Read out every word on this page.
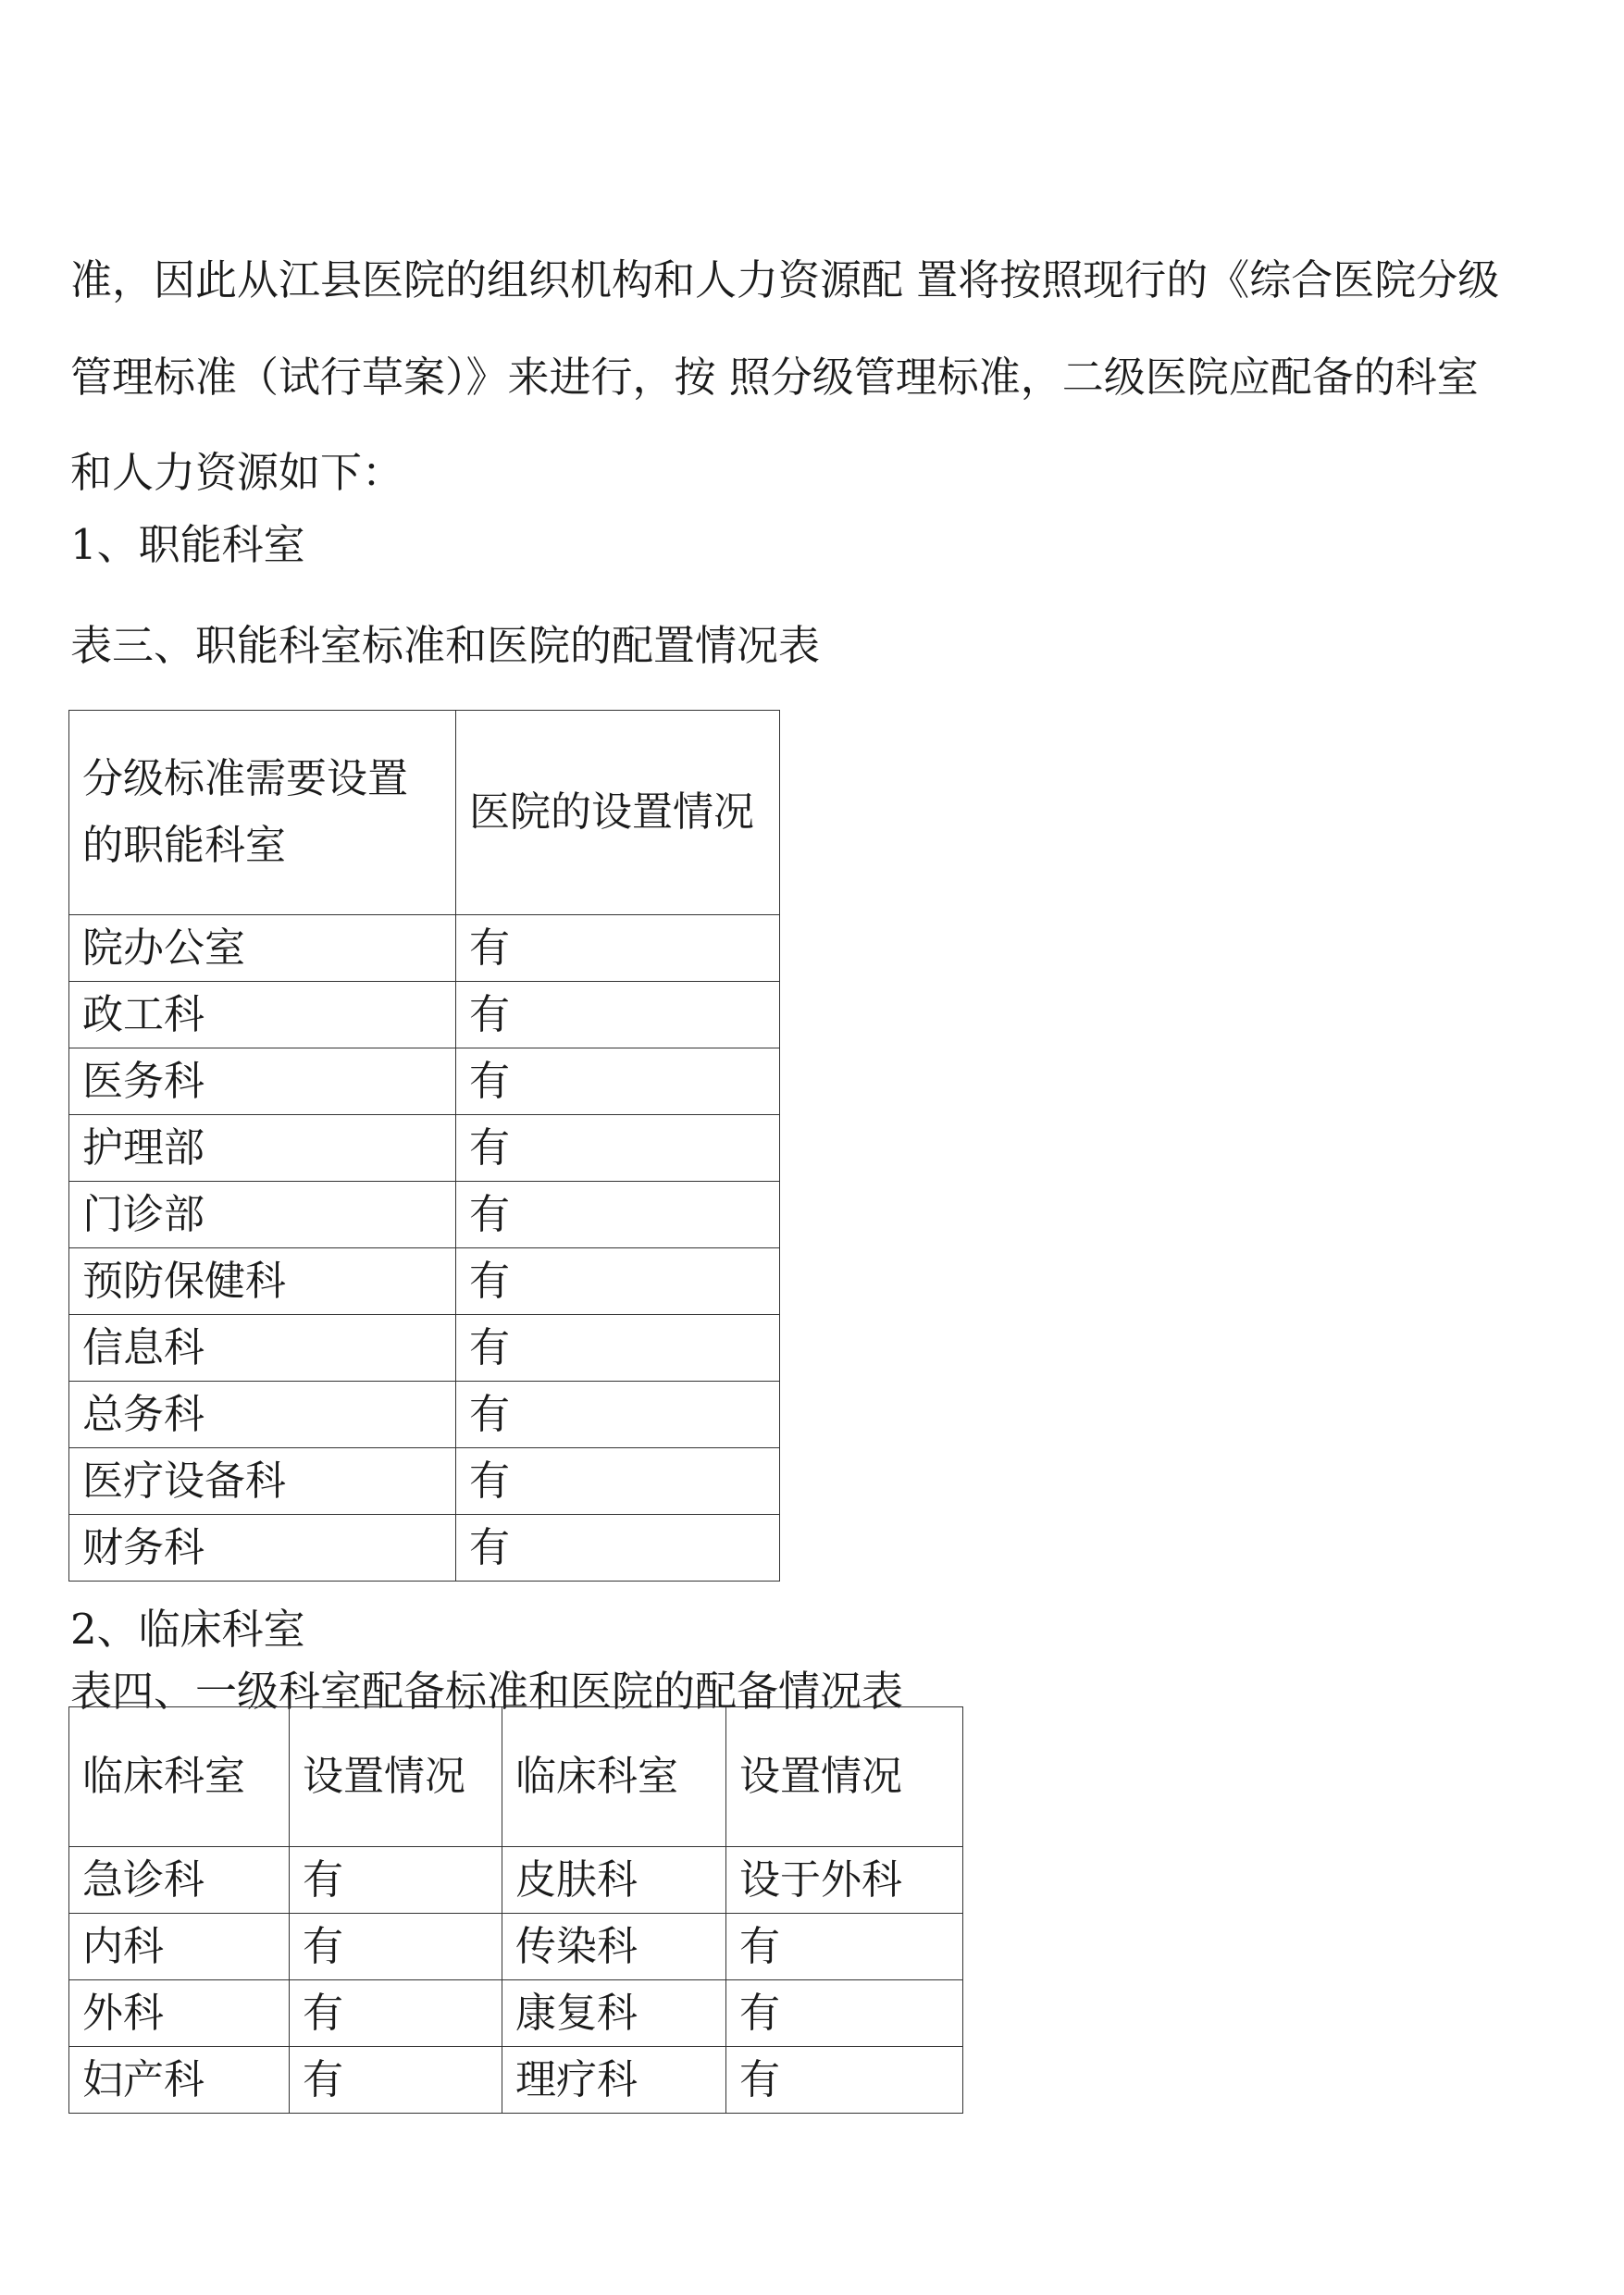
准，因此从江县医院的组织机构和人力资源配 置将按照现行的《综合医院分级
管理标准（试行草案）》来进行，按 照分级管理标准，二级医院应配备的科室
和人力资源如下：
1、职能科室
表三、职能科室标准和医院的配置情况表
分级标准需要设置的职能科室	医院的设置情况
院办公室	有
政工科	有
医务科	有
护理部	有
门诊部	有
预防保健科	有
信息科	有
总务科	有
医疗设备科	有
财务科	有
2、临床科室
表四、一级科室配备标准和医院的配备情况表
临床科室	设置情况	临床科室	设置情况
急诊科	有	皮肤科	设于外科
内科	有	传染科	有
外科	有	康复科	有
妇产科	有	理疗科	有
